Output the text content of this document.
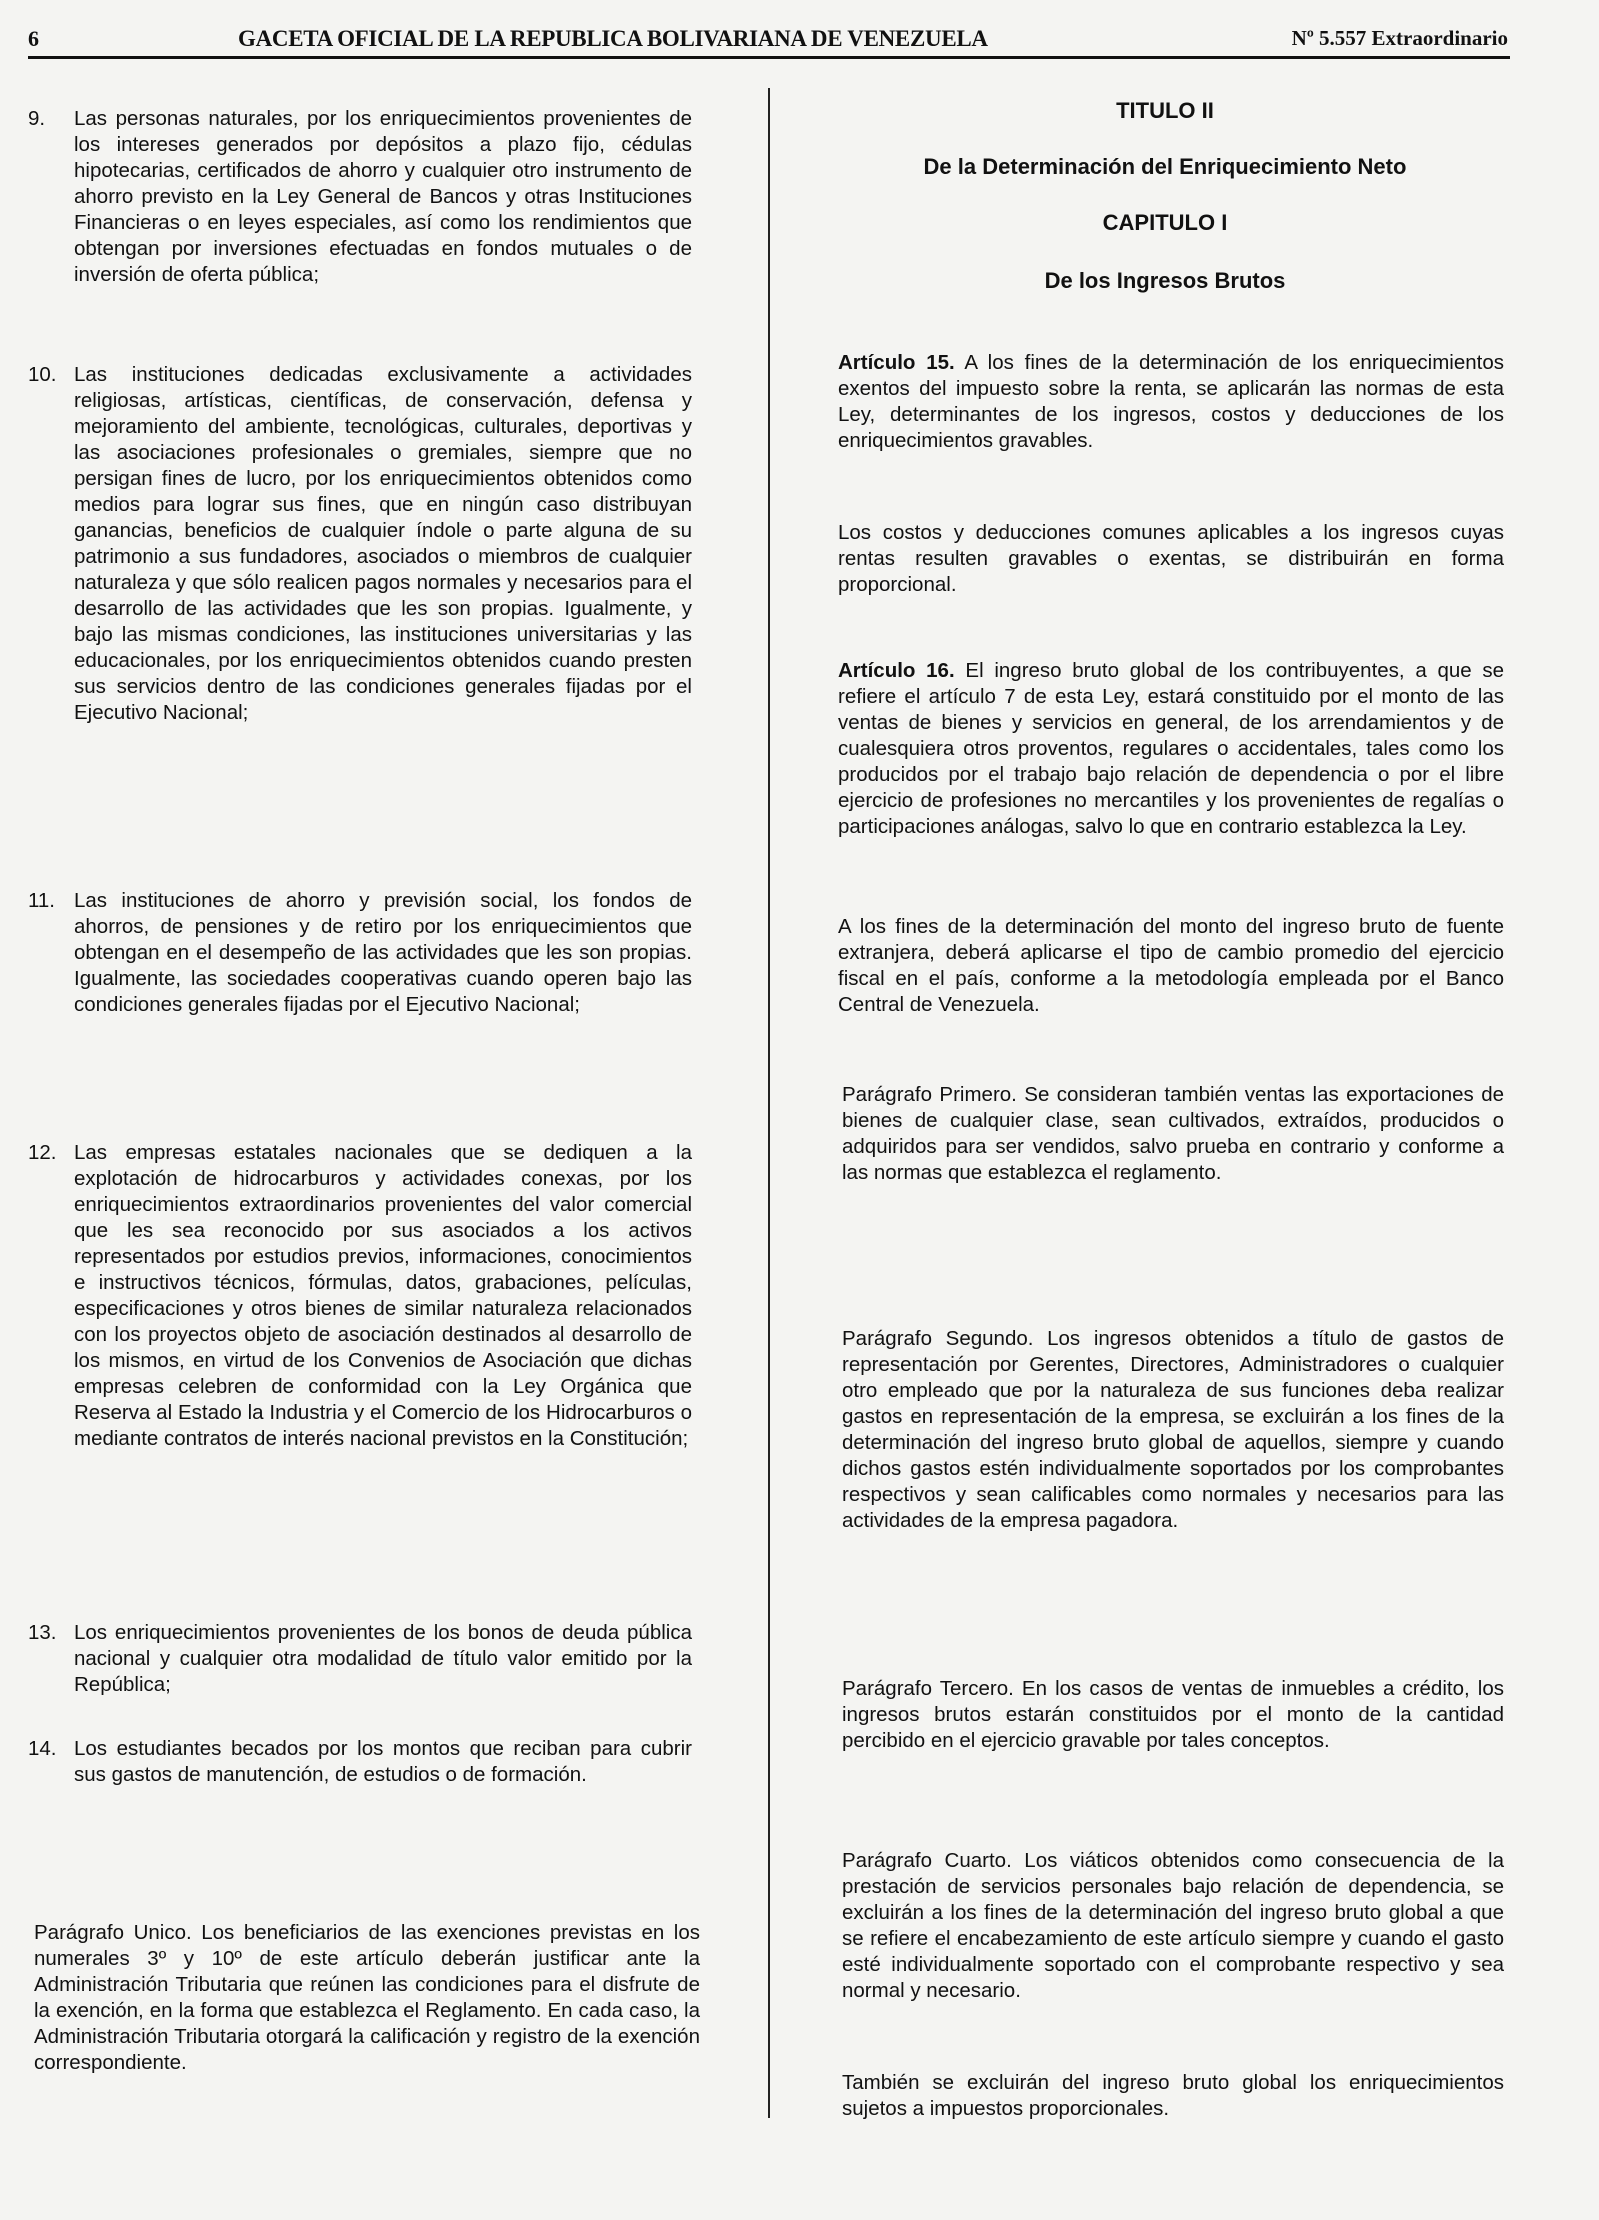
6	GACETA OFICIAL DE LA REPUBLICA BOLIVARIANA DE VENEZUELA	Nº 5.557 Extraordinario
9. Las personas naturales, por los enriquecimientos provenientes de los intereses generados por depósitos a plazo fijo, cédulas hipotecarias, certificados de ahorro y cualquier otro instrumento de ahorro previsto en la Ley General de Bancos y otras Instituciones Financieras o en leyes especiales, así como los rendimientos que obtengan por inversiones efectuadas en fondos mutuales o de inversión de oferta pública;
10. Las instituciones dedicadas exclusivamente a actividades religiosas, artísticas, científicas, de conservación, defensa y mejoramiento del ambiente, tecnológicas, culturales, deportivas y las asociaciones profesionales o gremiales, siempre que no persigan fines de lucro, por los enriquecimientos obtenidos como medios para lograr sus fines, que en ningún caso distribuyan ganancias, beneficios de cualquier índole o parte alguna de su patrimonio a sus fundadores, asociados o miembros de cualquier naturaleza y que sólo realicen pagos normales y necesarios para el desarrollo de las actividades que les son propias. Igualmente, y bajo las mismas condiciones, las instituciones universitarias y las educacionales, por los enriquecimientos obtenidos cuando presten sus servicios dentro de las condiciones generales fijadas por el Ejecutivo Nacional;
11. Las instituciones de ahorro y previsión social, los fondos de ahorros, de pensiones y de retiro por los enriquecimientos que obtengan en el desempeño de las actividades que les son propias. Igualmente, las sociedades cooperativas cuando operen bajo las condiciones generales fijadas por el Ejecutivo Nacional;
12. Las empresas estatales nacionales que se dediquen a la explotación de hidrocarburos y actividades conexas, por los enriquecimientos extraordinarios provenientes del valor comercial que les sea reconocido por sus asociados a los activos representados por estudios previos, informaciones, conocimientos e instructivos técnicos, fórmulas, datos, grabaciones, películas, especificaciones y otros bienes de similar naturaleza relacionados con los proyectos objeto de asociación destinados al desarrollo de los mismos, en virtud de los Convenios de Asociación que dichas empresas celebren de conformidad con la Ley Orgánica que Reserva al Estado la Industria y el Comercio de los Hidrocarburos o mediante contratos de interés nacional previstos en la Constitución;
13. Los enriquecimientos provenientes de los bonos de deuda pública nacional y cualquier otra modalidad de título valor emitido por la República;
14. Los estudiantes becados por los montos que reciban para cubrir sus gastos de manutención, de estudios o de formación.
Parágrafo Unico. Los beneficiarios de las exenciones previstas en los numerales 3º y 10º de este artículo deberán justificar ante la Administración Tributaria que reúnen las condiciones para el disfrute de la exención, en la forma que establezca el Reglamento. En cada caso, la Administración Tributaria otorgará la calificación y registro de la exención correspondiente.
TITULO II
De la Determinación del Enriquecimiento Neto
CAPITULO I
De los Ingresos Brutos
Artículo 15. A los fines de la determinación de los enriquecimientos exentos del impuesto sobre la renta, se aplicarán las normas de esta Ley, determinantes de los ingresos, costos y deducciones de los enriquecimientos gravables.
Los costos y deducciones comunes aplicables a los ingresos cuyas rentas resulten gravables o exentas, se distribuirán en forma proporcional.
Artículo 16. El ingreso bruto global de los contribuyentes, a que se refiere el artículo 7 de esta Ley, estará constituido por el monto de las ventas de bienes y servicios en general, de los arrendamientos y de cualesquiera otros proventos, regulares o accidentales, tales como los producidos por el trabajo bajo relación de dependencia o por el libre ejercicio de profesiones no mercantiles y los provenientes de regalías o participaciones análogas, salvo lo que en contrario establezca la Ley.
A los fines de la determinación del monto del ingreso bruto de fuente extranjera, deberá aplicarse el tipo de cambio promedio del ejercicio fiscal en el país, conforme a la metodología empleada por el Banco Central de Venezuela.
Parágrafo Primero. Se consideran también ventas las exportaciones de bienes de cualquier clase, sean cultivados, extraídos, producidos o adquiridos para ser vendidos, salvo prueba en contrario y conforme a las normas que establezca el reglamento.
Parágrafo Segundo. Los ingresos obtenidos a título de gastos de representación por Gerentes, Directores, Administradores o cualquier otro empleado que por la naturaleza de sus funciones deba realizar gastos en representación de la empresa, se excluirán a los fines de la determinación del ingreso bruto global de aquellos, siempre y cuando dichos gastos estén individualmente soportados por los comprobantes respectivos y sean calificables como normales y necesarios para las actividades de la empresa pagadora.
Parágrafo Tercero. En los casos de ventas de inmuebles a crédito, los ingresos brutos estarán constituidos por el monto de la cantidad percibido en el ejercicio gravable por tales conceptos.
Parágrafo Cuarto. Los viáticos obtenidos como consecuencia de la prestación de servicios personales bajo relación de dependencia, se excluirán a los fines de la determinación del ingreso bruto global a que se refiere el encabezamiento de este artículo siempre y cuando el gasto esté individualmente soportado con el comprobante respectivo y sea normal y necesario.
También se excluirán del ingreso bruto global los enriquecimientos sujetos a impuestos proporcionales.
